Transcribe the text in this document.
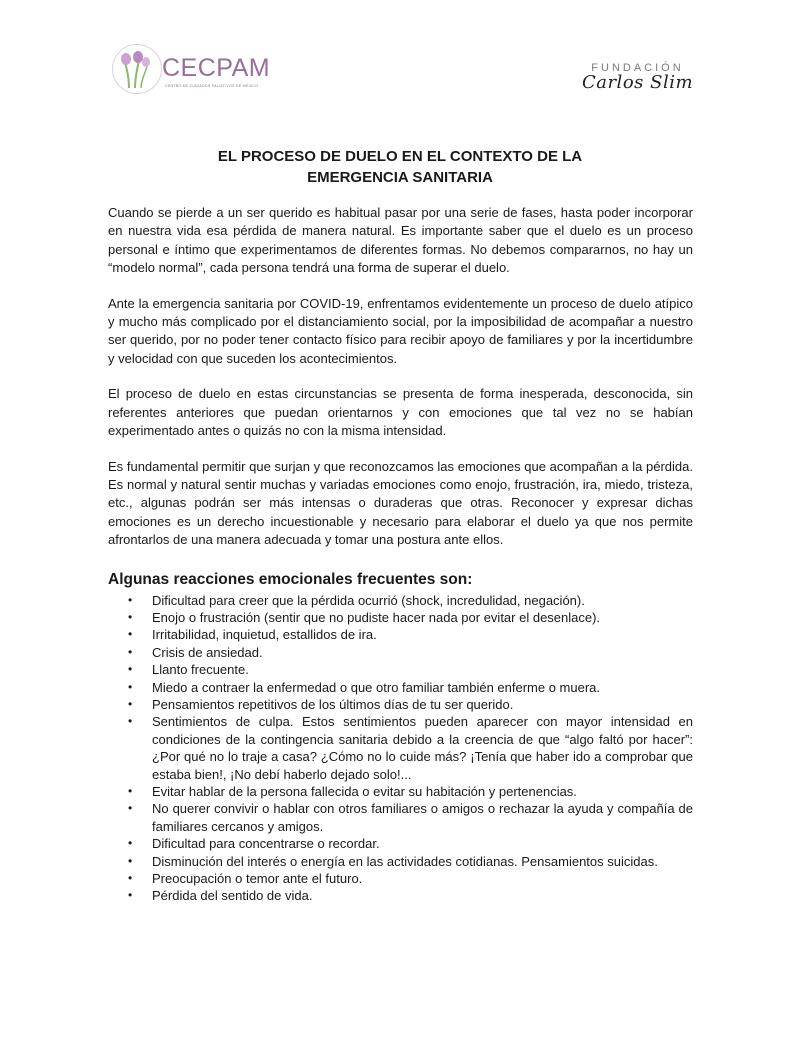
CECPAM
CENTRO DE CUIDADOS PALIATIVOS DE MÉXICO
FUNDACIÓN
Carlos Slim
EL PROCESO DE DUELO EN EL CONTEXTO DE LA
EMERGENCIA SANITARIA

Cuando se pierde a un ser querido es habitual pasar por una serie de fases, hasta poder incorporar en nuestra vida esa pérdida de manera natural. Es importante saber que el duelo es un proceso personal e íntimo que experimentamos de diferentes formas. No debemos compararnos, no hay un “modelo normal”, cada persona tendrá una forma de superar el duelo.

Ante la emergencia sanitaria por COVID-19, enfrentamos evidentemente un proceso de duelo atípico y mucho más complicado por el distanciamiento social, por la imposibilidad de acompañar a nuestro ser querido, por no poder tener contacto físico para recibir apoyo de familiares y por la incertidumbre y velocidad con que suceden los acontecimientos.

El proceso de duelo en estas circunstancias se presenta de forma inesperada, desconocida, sin referentes anteriores que puedan orientarnos y con emociones que tal vez no se habían experimentado antes o quizás no con la misma intensidad.

Es fundamental permitir que surjan y que reconozcamos las emociones que acompañan a la pérdida. Es normal y natural sentir muchas y variadas emociones como enojo, frustración, ira, miedo, tristeza, etc., algunas podrán ser más intensas o duraderas que otras. Reconocer y expresar dichas emociones es un derecho incuestionable y necesario para elaborar el duelo ya que nos permite afrontarlos de una manera adecuada y tomar una postura ante ellos.

Algunas reacciones emocionales frecuentes son:
• Dificultad para creer que la pérdida ocurrió (shock, incredulidad, negación).
• Enojo o frustración (sentir que no pudiste hacer nada por evitar el desenlace).
• Irritabilidad, inquietud, estallidos de ira.
• Crisis de ansiedad.
• Llanto frecuente.
• Miedo a contraer la enfermedad o que otro familiar también enferme o muera.
• Pensamientos repetitivos de los últimos días de tu ser querido.
• Sentimientos de culpa. Estos sentimientos pueden aparecer con mayor intensidad en condiciones de la contingencia sanitaria debido a la creencia de que “algo faltó por hacer”: ¿Por qué no lo traje a casa? ¿Cómo no lo cuide más? ¡Tenía que haber ido a comprobar que estaba bien!, ¡No debí haberlo dejado solo!...
• Evitar hablar de la persona fallecida o evitar su habitación y pertenencias.
• No querer convivir o hablar con otros familiares o amigos o rechazar la ayuda y compañía de familiares cercanos y amigos.
• Dificultad para concentrarse o recordar.
• Disminución del interés o energía en las actividades cotidianas. Pensamientos suicidas.
• Preocupación o temor ante el futuro.
• Pérdida del sentido de vida.
